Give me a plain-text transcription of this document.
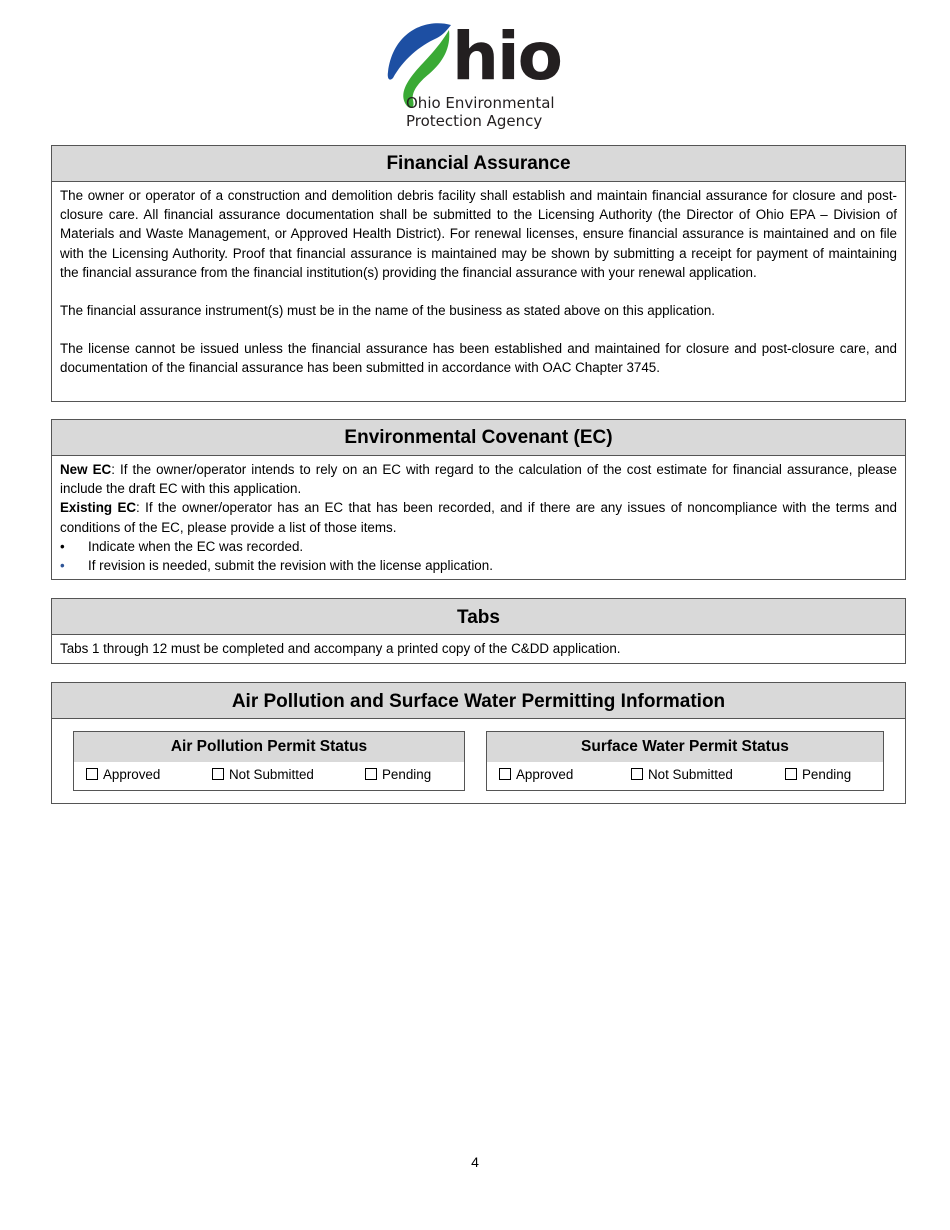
hio
Ohio Environmental
Protection Agency
Financial Assurance
The owner or operator of a construction and demolition debris facility shall establish and maintain financial assurance for closure and post-closure care. All financial assurance documentation shall be submitted to the Licensing Authority (the Director of Ohio EPA – Division of Materials and Waste Management, or Approved Health District). For renewal licenses, ensure financial assurance is maintained and on file with the Licensing Authority. Proof that financial assurance is maintained may be shown by submitting a receipt for payment of maintaining the financial assurance from the financial institution(s) providing the financial assurance with your renewal application.
The financial assurance instrument(s) must be in the name of the business as stated above on this application.
The license cannot be issued unless the financial assurance has been established and maintained for closure and post-closure care, and documentation of the financial assurance has been submitted in accordance with OAC Chapter 3745.
Environmental Covenant (EC)
New EC: If the owner/operator intends to rely on an EC with regard to the calculation of the cost estimate for financial assurance, please include the draft EC with this application.
Existing EC: If the owner/operator has an EC that has been recorded, and if there are any issues of noncompliance with the terms and conditions of the EC, please provide a list of those items.
• Indicate when the EC was recorded.
• If revision is needed, submit the revision with the license application.
Tabs
Tabs 1 through 12 must be completed and accompany a printed copy of the C&DD application.
Air Pollution and Surface Water Permitting Information
Air Pollution Permit Status
Approved	Not Submitted	Pending
Surface Water Permit Status
Approved	Not Submitted	Pending
4
